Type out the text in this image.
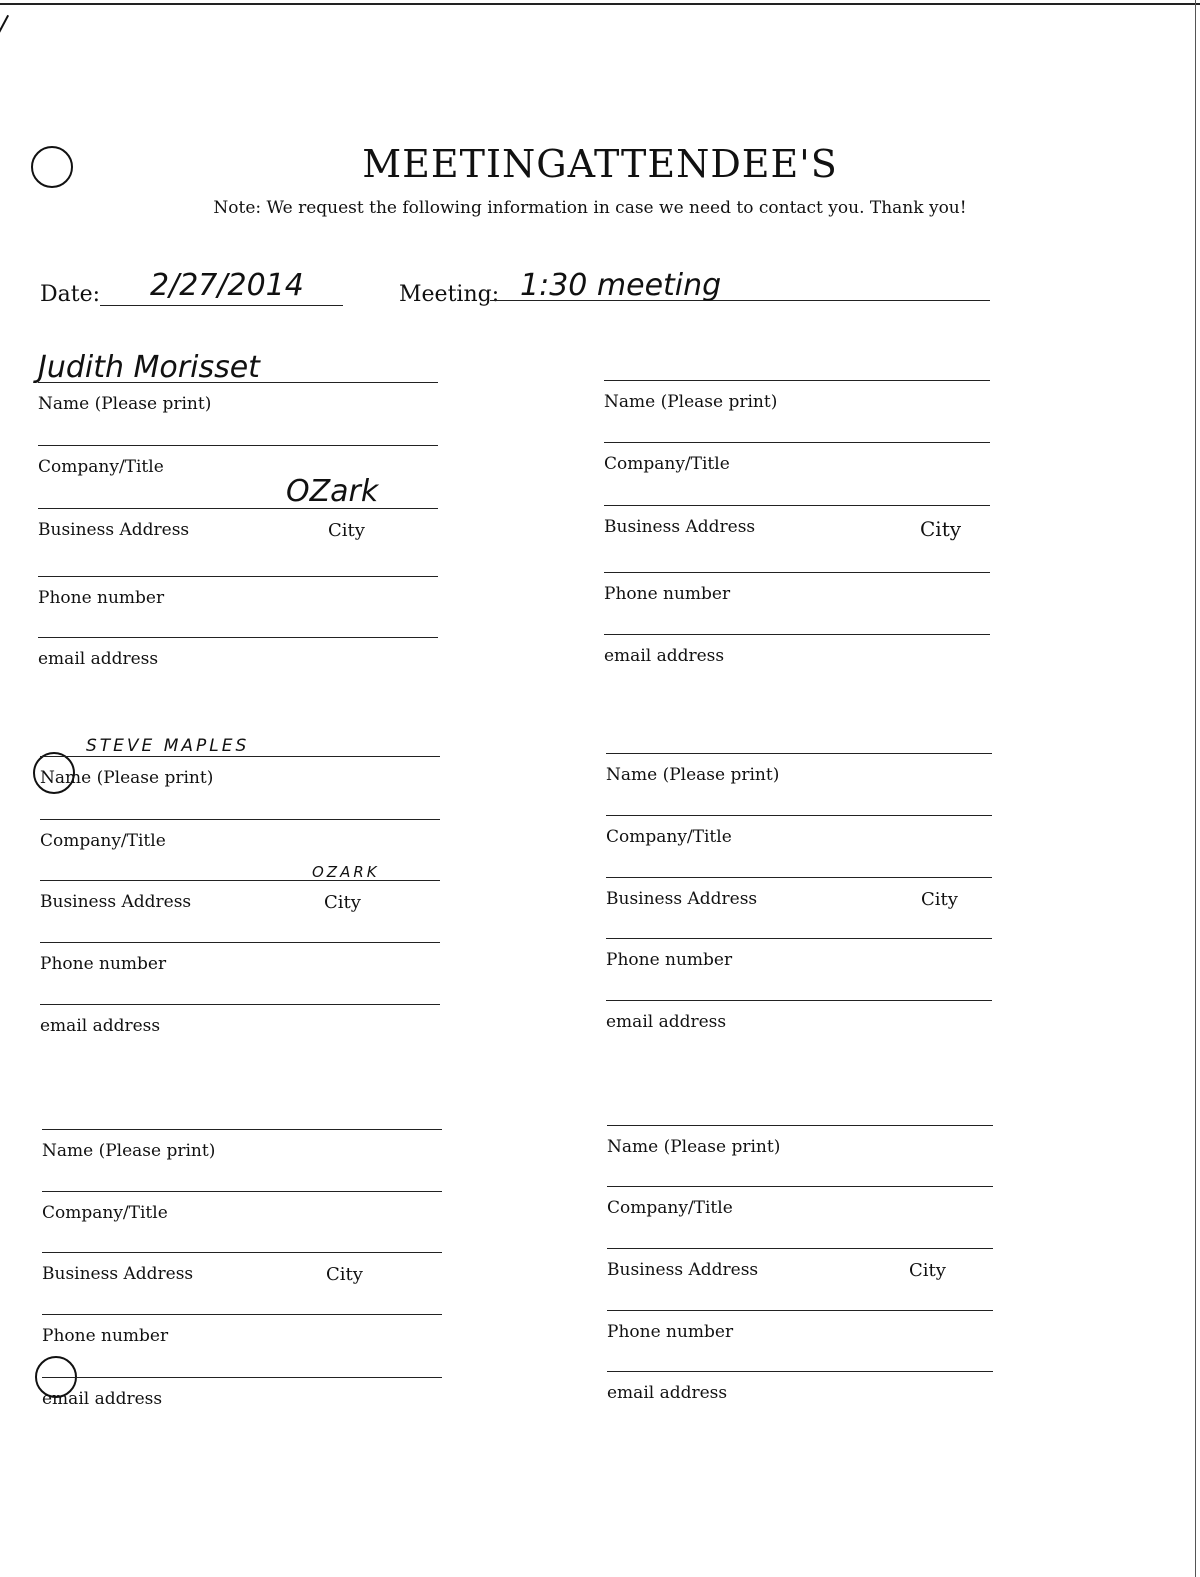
MEETINGATTENDEE'S
Note: We request the following information in case we need to contact you. Thank you!
Date: 2/27/2014	Meeting: 1:30 meeting
Judith Morisset
Name (Please print)
Company/Title
OZark
Business Address	City
Phone number
email address
Name (Please print)
Company/Title
Business Address	City
Phone number
email address
STEVE MAPLES
Name (Please print)
Company/Title
OZARK
Business Address	City
Phone number
email address
Name (Please print)
Company/Title
Business Address	City
Phone number
email address
Name (Please print)
Company/Title
Business Address	City
Phone number
email address
Name (Please print)
Company/Title
Business Address	City
Phone number
email address
